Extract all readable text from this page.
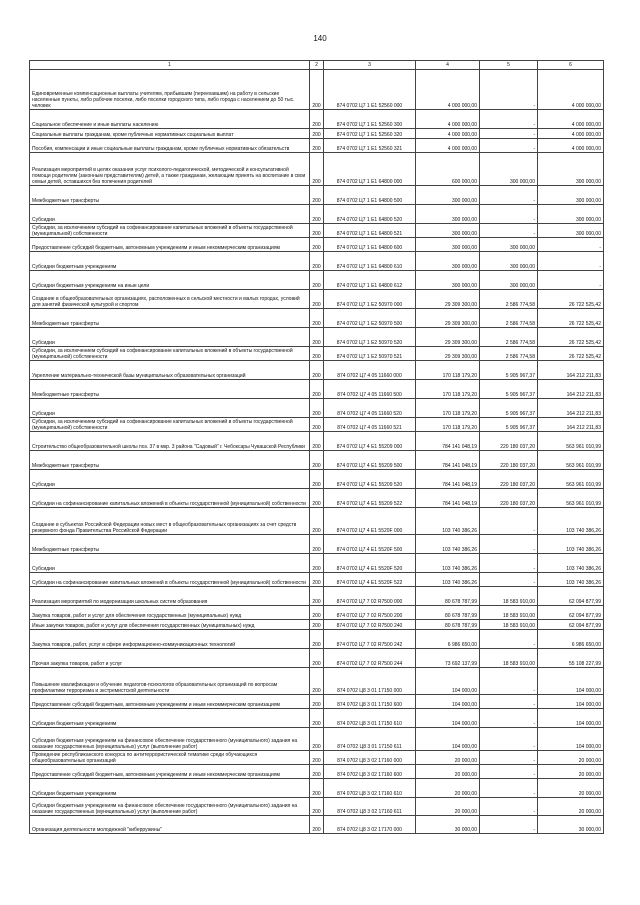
140
1	2	3	4	5	6
Единовременные компенсационные выплаты учителям, прибывшим (переехавшим) на работу в сельские населенные пункты, либо рабочие поселки, либо поселки городского типа, либо города с населением до 50 тыс. человек	200	874 0702 Ц7 1 E1 52560 000	4 000 000,00	-	4 000 000,00
Социальное обеспечение и иные выплаты населению	200	874 0702 Ц7 1 E1 52560 300	4 000 000,00	-	4 000 000,00
Социальные выплаты гражданам, кроме публичных нормативных социальных выплат	200	874 0702 Ц7 1 E1 52560 320	4 000 000,00	-	4 000 000,00
Пособия, компенсации и иные социальные выплаты гражданам, кроме публичных нормативных обязательств	200	874 0702 Ц7 1 E1 52560 321	4 000 000,00	-	4 000 000,00
Реализация мероприятий в целях оказания услуг психолого-педагогической, методической и консультативной помощи родителям (законным представителям) детей, а также гражданам, желающим принять на воспитание в свои семьи детей, оставшихся без попечения родителей	200	874 0702 Ц7 1 E1 64800 000	600 000,00	300 000,00	300 000,00
Межбюджетные трансферты	200	874 0702 Ц7 1 E1 64800 500	300 000,00	-	300 000,00
Субсидии	200	874 0702 Ц7 1 E1 64800 520	300 000,00	-	300 000,00
Субсидии, за исключением субсидий на софинансирование капитальных вложений в объекты государственной (муниципальной) собственности	200	874 0702 Ц7 1 E1 64800 521	300 000,00	-	300 000,00
Предоставление субсидий бюджетным, автономным учреждениям и иным некоммерческим организациям	200	874 0702 Ц7 1 E1 64800 600	300 000,00	300 000,00	-
Субсидии бюджетным учреждениям	200	874 0702 Ц7 1 E1 64800 610	300 000,00	300 000,00	-
Субсидии бюджетным учреждениям на иные цели	200	874 0702 Ц7 1 E1 64800 612	300 000,00	300 000,00	-
Создание в общеобразовательных организациях, расположенных в сельской местности и малых городах, условий для занятий физической культурой и спортом	200	874 0702 Ц7 1 E2 50970 000	29 309 300,00	2 586 774,58	26 722 525,42
Межбюджетные трансферты	200	874 0702 Ц7 1 E2 50970 500	29 309 300,00	2 586 774,58	26 722 525,42
Субсидии	200	874 0702 Ц7 1 E2 50970 520	29 309 300,00	2 586 774,58	26 722 525,42
Субсидии, за исключением субсидий на софинансирование капитальных вложений в объекты государственной (муниципальной) собственности	200	874 0702 Ц7 1 E2 50970 521	29 309 300,00	2 586 774,58	26 722 525,42
Укрепление материально-технической базы муниципальных образовательных организаций	200	874 0702 Ц7 4 05 11660 000	170 118 179,20	5 905 967,37	164 212 211,83
Межбюджетные трансферты	200	874 0702 Ц7 4 05 11660 500	170 118 179,20	5 905 967,37	164 212 211,83
Субсидии	200	874 0702 Ц7 4 05 11660 520	170 118 179,20	5 905 967,37	164 212 211,83
Субсидии, за исключением субсидий на софинансирование капитальных вложений в объекты государственной (муниципальной) собственности	200	874 0702 Ц7 4 05 11660 521	170 118 179,20	5 905 967,37	164 212 211,83
Строительство общеобразовательной школы поз. 37 в мкр. 3 района "Садовый" г. Чебоксары Чувашской Республики	200	874 0702 Ц7 4 E1 55209 000	784 141 048,19	220 180 037,20	563 961 010,99
Межбюджетные трансферты	200	874 0702 Ц7 4 E1 55209 500	784 141 048,19	220 180 037,20	563 961 010,99
Субсидии	200	874 0702 Ц7 4 E1 55209 520	784 141 048,19	220 180 037,20	563 961 010,99
Субсидии на софинансирование капитальных вложений в объекты государственной (муниципальной) собственности	200	874 0702 Ц7 4 E1 55209 522	784 141 048,19	220 180 037,20	563 961 010,99
Создание в субъектах Российской Федерации новых мест в общеобразовательных организациях за счет средств резервного фонда Правительства Российской Федерации	200	874 0702 Ц7 4 E1 5520F 000	103 740 386,26	-	103 740 386,26
Межбюджетные трансферты	200	874 0702 Ц7 4 E1 5520F 500	103 740 386,26	-	103 740 386,26
Субсидии	200	874 0702 Ц7 4 E1 5520F 520	103 740 386,26	-	103 740 386,26
Субсидии на софинансирование капитальных вложений в объекты государственной (муниципальной) собственности	200	874 0702 Ц7 4 E1 5520F 522	103 740 386,26	-	103 740 386,26
Реализация мероприятий по модернизации школьных систем образования	200	874 0702 Ц7 7 02 R7500 000	80 678 787,99	18 583 910,00	62 094 877,99
Закупка товаров, работ и услуг для обеспечения государственных (муниципальных) нужд	200	874 0702 Ц7 7 02 R7500 200	80 678 787,99	18 583 910,00	62 094 877,99
Иные закупки товаров, работ и услуг для обеспечения государственных (муниципальных) нужд	200	874 0702 Ц7 7 02 R7500 240	80 678 787,99	18 583 910,00	62 094 877,99
Закупка товаров, работ, услуг в сфере информационно-коммуникационных технологий	200	874 0702 Ц7 7 02 R7500 242	6 986 650,00	-	6 986 650,00
Прочая закупка товаров, работ и услуг	200	874 0702 Ц7 7 02 R7500 244	73 692 137,99	18 583 910,00	55 108 227,99
Повышение квалификации и обучение педагогов-психологов образовательных организаций по вопросам профилактики терроризма и экстремистской деятельности	200	874 0702 Ц8 3 01 17150 000	104 000,00	-	104 000,00
Предоставление субсидий бюджетным, автономным учреждениям и иным некоммерческим организациям	200	874 0702 Ц8 3 01 17150 600	104 000,00	-	104 000,00
Субсидии бюджетным учреждениям	200	874 0702 Ц8 3 01 17150 610	104 000,00	-	104 000,00
Субсидии бюджетным учреждениям на финансовое обеспечение государственного (муниципального) задания на оказание государственных (муниципальных) услуг (выполнение работ)	200	874 0702 Ц8 3 01 17150 611	104 000,00	-	104 000,00
Проведение республиканского конкурса по антитеррористической тематике среди обучающихся общеобразовательных организаций	200	874 0702 Ц8 3 02 17160 000	20 000,00	-	20 000,00
Предоставление субсидий бюджетным, автономным учреждениям и иным некоммерческим организациям	200	874 0702 Ц8 3 02 17160 600	20 000,00	-	20 000,00
Субсидии бюджетным учреждениям	200	874 0702 Ц8 3 02 17160 610	20 000,00	-	20 000,00
Субсидии бюджетным учреждениям на финансовое обеспечение государственного (муниципального) задания на оказание государственных (муниципальных) услуг (выполнение работ)	200	874 0702 Ц8 3 02 17160 611	20 000,00	-	20 000,00
Организация деятельности молодежной "киберружины"	200	874 0702 Ц8 3 02 17170 000	30 000,00	-	30 000,00
